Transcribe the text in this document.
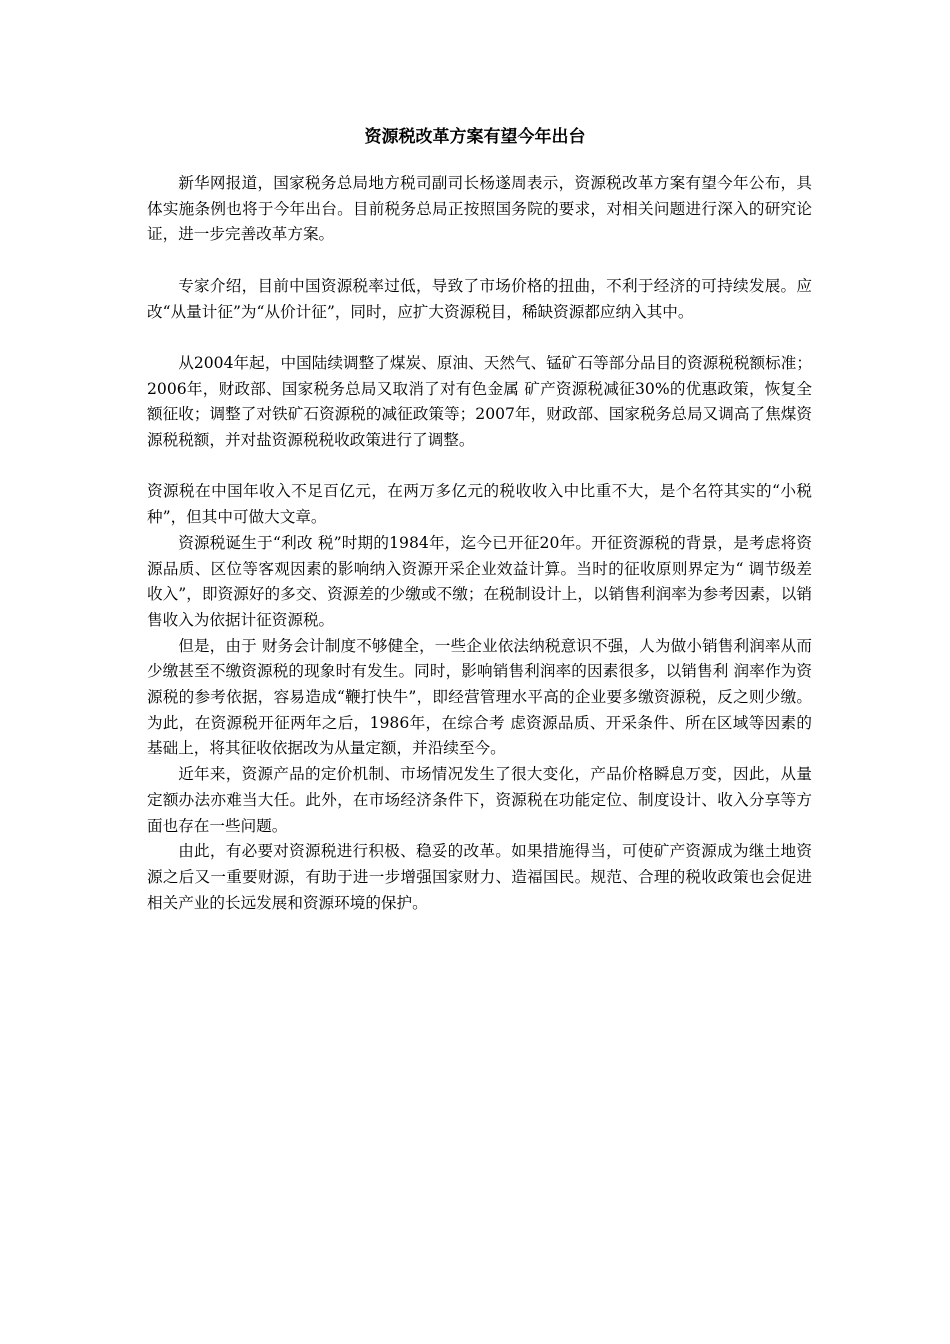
资源税改革方案有望今年出台

新华网报道，国家税务总局地方税司副司长杨遂周表示，资源税改革方案有望今年公布，具体实施条例也将于今年出台。目前税务总局正按照国务院的要求，对相关问题进行深入的研究论证，进一步完善改革方案。

专家介绍，目前中国资源税率过低，导致了市场价格的扭曲，不利于经济的可持续发展。应改“从量计征”为“从价计征”，同时，应扩大资源税目，稀缺资源都应纳入其中。

从2004年起，中国陆续调整了煤炭、原油、天然气、锰矿石等部分品目的资源税税额标准；2006年，财政部、国家税务总局又取消了对有色金属 矿产资源税减征30%的优惠政策，恢复全额征收；调整了对铁矿石资源税的减征政策等；2007年，财政部、国家税务总局又调高了焦煤资源税税额，并对盐资源税税收政策进行了调整。

资源税在中国年收入不足百亿元，在两万多亿元的税收收入中比重不大，是个名符其实的“小税种”，但其中可做大文章。

资源税诞生于“利改 税”时期的1984年，迄今已开征20年。开征资源税的背景，是考虑将资源品质、区位等客观因素的影响纳入资源开采企业效益计算。当时的征收原则界定为“ 调节级差收入”，即资源好的多交、资源差的少缴或不缴；在税制设计上，以销售利润率为参考因素，以销售收入为依据计征资源税。

但是，由于 财务会计制度不够健全，一些企业依法纳税意识不强，人为做小销售利润率从而少缴甚至不缴资源税的现象时有发生。同时，影响销售利润率的因素很多，以销售利 润率作为资源税的参考依据，容易造成“鞭打快牛”，即经营管理水平高的企业要多缴资源税，反之则少缴。为此，在资源税开征两年之后，1986年，在综合考 虑资源品质、开采条件、所在区域等因素的基础上，将其征收依据改为从量定额，并沿续至今。

近年来，资源产品的定价机制、市场情况发生了很大变化，产品价格瞬息万变，因此，从量定额办法亦难当大任。此外，在市场经济条件下，资源税在功能定位、制度设计、收入分享等方面也存在一些问题。

由此，有必要对资源税进行积极、稳妥的改革。如果措施得当，可使矿产资源成为继土地资源之后又一重要财源，有助于进一步增强国家财力、造福国民。规范、合理的税收政策也会促进相关产业的长远发展和资源环境的保护。
